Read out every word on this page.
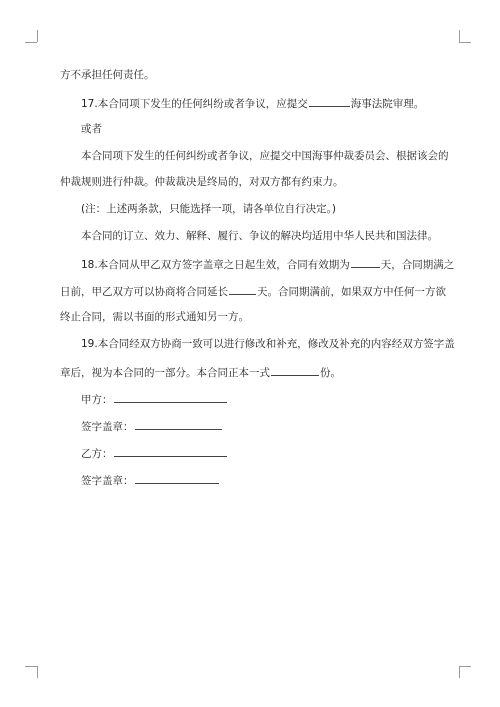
方不承担任何责任。
17.本合同项下发生的任何纠纷或者争议，应提交	海事法院审理。
或者
本合同项下发生的任何纠纷或者争议，应提交中国海事仲裁委员会、根据该会的
仲裁规则进行仲裁。仲裁裁决是终局的，对双方都有约束力。
(注：上述两条款，只能选择一项，请各单位自行决定。)
本合同的订立、效力、解释、履行、争议的解决均适用中华人民共和国法律。
18.本合同从甲乙双方签字盖章之日起生效，合同有效期为	天，合同期满之
日前，甲乙双方可以协商将合同延长	天。合同期满前，如果双方中任何一方欲
终止合同，需以书面的形式通知另一方。
19.本合同经双方协商一致可以进行修改和补充，修改及补充的内容经双方签字盖
章后，视为本合同的一部分。本合同正本一式	份。
甲方：
签字盖章：
乙方：
签字盖章：
